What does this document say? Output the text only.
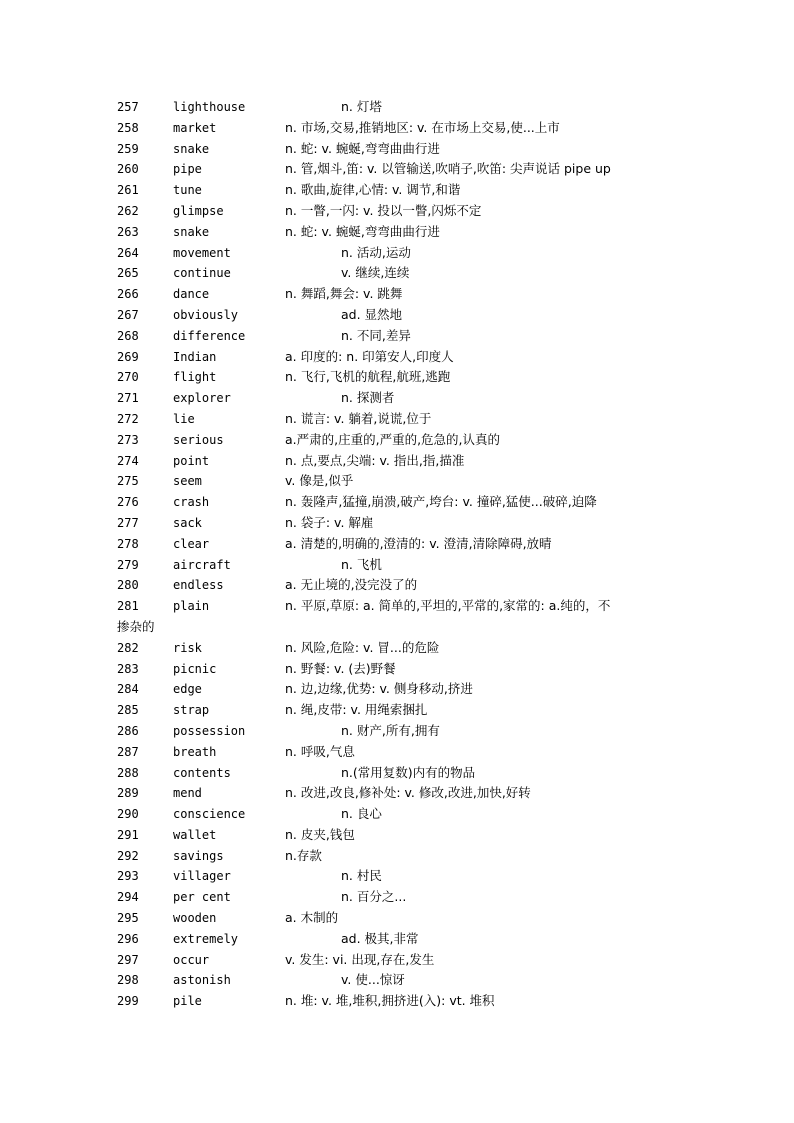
257	lighthouse	n. 灯塔
258	market	n. 市场,交易,推销地区: v. 在市场上交易,使...上市
259	snake	n. 蛇: v. 蜿蜒,弯弯曲曲行进
260	pipe	n. 管,烟斗,笛: v. 以管输送,吹哨子,吹笛: 尖声说话 pipe up
261	tune	n. 歌曲,旋律,心情: v. 调节,和谐
262	glimpse	n. 一瞥,一闪: v. 投以一瞥,闪烁不定
263	snake	n. 蛇: v. 蜿蜒,弯弯曲曲行进
264	movement	n. 活动,运动
265	continue	v. 继续,连续
266	dance	n. 舞蹈,舞会: v. 跳舞
267	obviously	ad. 显然地
268	difference	n. 不同,差异
269	Indian	a. 印度的: n. 印第安人,印度人
270	flight	n. 飞行,飞机的航程,航班,逃跑
271	explorer	n. 探测者
272	lie	n. 谎言: v. 躺着,说谎,位于
273	serious	a.严肃的,庄重的,严重的,危急的,认真的
274	point	n. 点,要点,尖端: v. 指出,指,描准
275	seem	v. 像是,似乎
276	crash	n. 轰隆声,猛撞,崩溃,破产,垮台: v. 撞碎,猛使...破碎,迫降
277	sack	n. 袋子: v. 解雇
278	clear	a. 清楚的,明确的,澄清的: v. 澄清,清除障碍,放晴
279	aircraft	n. 飞机
280	endless	a. 无止境的,没完没了的
281	plain	n. 平原,草原: a. 简单的,平坦的,平常的,家常的: a.纯的，不
掺杂的
282	risk	n. 风险,危险: v. 冒...的危险
283	picnic	n. 野餐: v. (去)野餐
284	edge	n. 边,边缘,优势: v. 侧身移动,挤进
285	strap	n. 绳,皮带: v. 用绳索捆扎
286	possession	n. 财产,所有,拥有
287	breath	n. 呼吸,气息
288	contents	n.(常用复数)内有的物品
289	mend	n. 改进,改良,修补处: v. 修改,改进,加快,好转
290	conscience	n. 良心
291	wallet	n. 皮夹,钱包
292	savings	n.存款
293	villager	n. 村民
294	per cent	n. 百分之...
295	wooden	a. 木制的
296	extremely	ad. 极其,非常
297	occur	v. 发生: vi. 出现,存在,发生
298	astonish	v. 使...惊讶
299	pile	n. 堆: v. 堆,堆积,拥挤进(入): vt. 堆积
